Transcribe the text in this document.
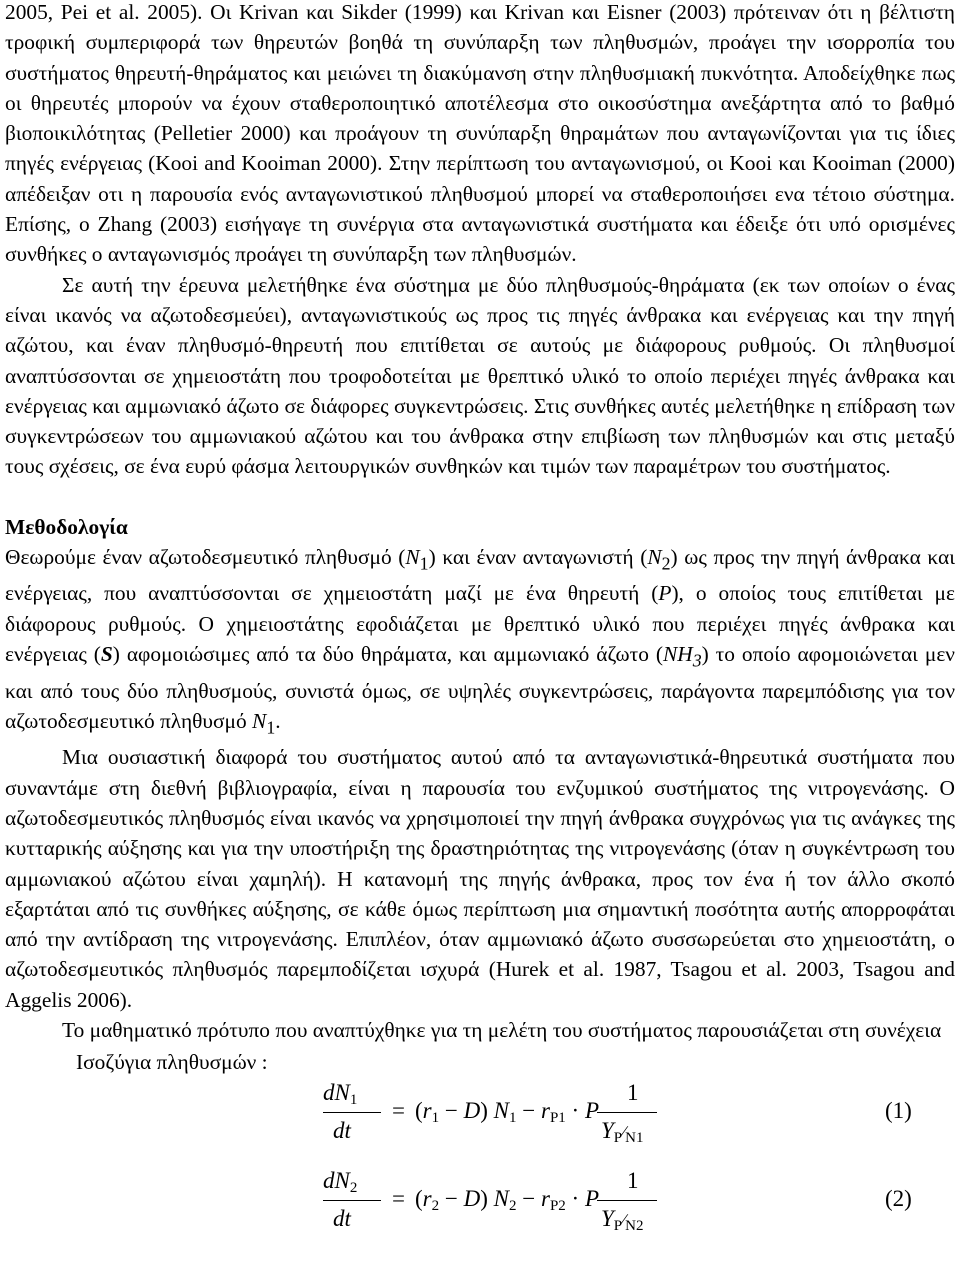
2005, Pei et al. 2005). Οι Krivan και Sikder (1999) και Krivan και Eisner (2003) πρότειναν ότι η βέλτιστη τροφική συμπεριφορά των θηρευτών βοηθά τη συνύπαρξη των πληθυσμών, προάγει την ισορροπία του συστήματος θηρευτή-θηράματος και μειώνει τη διακύμανση στην πληθυσμιακή πυκνότητα. Αποδείχθηκε πως οι θηρευτές μπορούν να έχουν σταθεροποιητικό αποτέλεσμα στο οικοσύστημα ανεξάρτητα από το βαθμό βιοποικιλότητας (Pelletier 2000) και προάγουν τη συνύπαρξη θηραμάτων που ανταγωνίζονται για τις ίδιες πηγές ενέργειας (Kooi and Kooiman 2000). Στην περίπτωση του ανταγωνισμού, οι Kooi και Kooiman (2000) απέδειξαν οτι η παρουσία ενός ανταγωνιστικού πληθυσμού μπορεί να σταθεροποιήσει ενα τέτοιο σύστημα. Επίσης, ο Zhang (2003) εισήγαγε τη συνέργια στα ανταγωνιστικά συστήματα και έδειξε ότι υπό ορισμένες συνθήκες ο ανταγωνισμός προάγει τη συνύπαρξη των πληθυσμών.

Σε αυτή την έρευνα μελετήθηκε ένα σύστημα με δύο πληθυσμούς-θηράματα (εκ των οποίων ο ένας είναι ικανός να αζωτοδεσμεύει), ανταγωνιστικούς ως προς τις πηγές άνθρακα και ενέργειας και την πηγή αζώτου, και έναν πληθυσμό-θηρευτή που επιτίθεται σε αυτούς με διάφορους ρυθμούς. Οι πληθυσμοί αναπτύσσονται σε χημειοστάτη που τροφοδοτείται με θρεπτικό υλικό το οποίο περιέχει πηγές άνθρακα και ενέργειας και αμμωνιακό άζωτο σε διάφορες συγκεντρώσεις. Στις συνθήκες αυτές μελετήθηκε η επίδραση των συγκεντρώσεων του αμμωνιακού αζώτου και του άνθρακα στην επιβίωση των πληθυσμών και στις μεταξύ τους σχέσεις, σε ένα ευρύ φάσμα λειτουργικών συνθηκών και τιμών των παραμέτρων του συστήματος.

Μεθοδολογία

Θεωρούμε έναν αζωτοδεσμευτικό πληθυσμό $(N_1)$ και έναν ανταγωνιστή $(N_2)$ ως προς την πηγή άνθρακα και ενέργειας, που αναπτύσσονται σε χημειοστάτη μαζί με ένα θηρευτή (P), ο οποίος τους επιτίθεται με διάφορους ρυθμούς. Ο χημειοστάτης εφοδιάζεται με θρεπτικό υλικό που περιέχει πηγές άνθρακα και ενέργειας (S) αφομοιώσιμες από τα δύο θηράματα, και αμμωνιακό άζωτο $(NH_3)$ το οποίο αφομοιώνεται μεν και από τους δύο πληθυσμούς, συνιστά όμως, σε υψηλές συγκεντρώσεις, παράγοντα παρεμπόδισης για τον αζωτοδεσμευτικό πληθυσμό $N_1$.

Μια ουσιαστική διαφορά του συστήματος αυτού από τα ανταγωνιστικά-θηρευτικά συστήματα που συναντάμε στη διεθνή βιβλιογραφία, είναι η παρουσία του ενζυμικού συστήματος της νιτρογενάσης. Ο αζωτοδεσμευτικός πληθυσμός είναι ικανός να χρησιμοποιεί την πηγή άνθρακα συγχρόνως για τις ανάγκες της κυτταρικής αύξησης και για την υποστήριξη της δραστηριότητας της νιτρογενάσης (όταν η συγκέντρωση του αμμωνιακού αζώτου είναι χαμηλή). Η κατανομή της πηγής άνθρακα, προς τον ένα ή τον άλλο σκοπό εξαρτάται από τις συνθήκες αύξησης, σε κάθε όμως περίπτωση μια σημαντική ποσότητα αυτής απορροφάται από την αντίδραση της νιτρογενάσης. Επιπλέον, όταν αμμωνιακό άζωτο συσσωρεύεται στο χημειοστάτη, ο αζωτοδεσμευτικός πληθυσμός παρεμποδίζεται ισχυρά (Hurek et al. 1987, Tsagou et al. 2003, Tsagou and Aggelis 2006).

Το μαθηματικό πρότυπο που αναπτύχθηκε για τη μελέτη του συστήματος παρουσιάζεται στη συνέχεια

Ισοζύγια πληθυσμών :

$dN_1$
dt
= $(r_1 - D) N_1 - r_{P1} \cdot P$
1
$Y_P∕_{N1}$
(1)
$dN_2$
dt
= $(r_2 - D) N_2 - r_{P2} \cdot P$
1
$Y_P∕_{N2}$
(2)
